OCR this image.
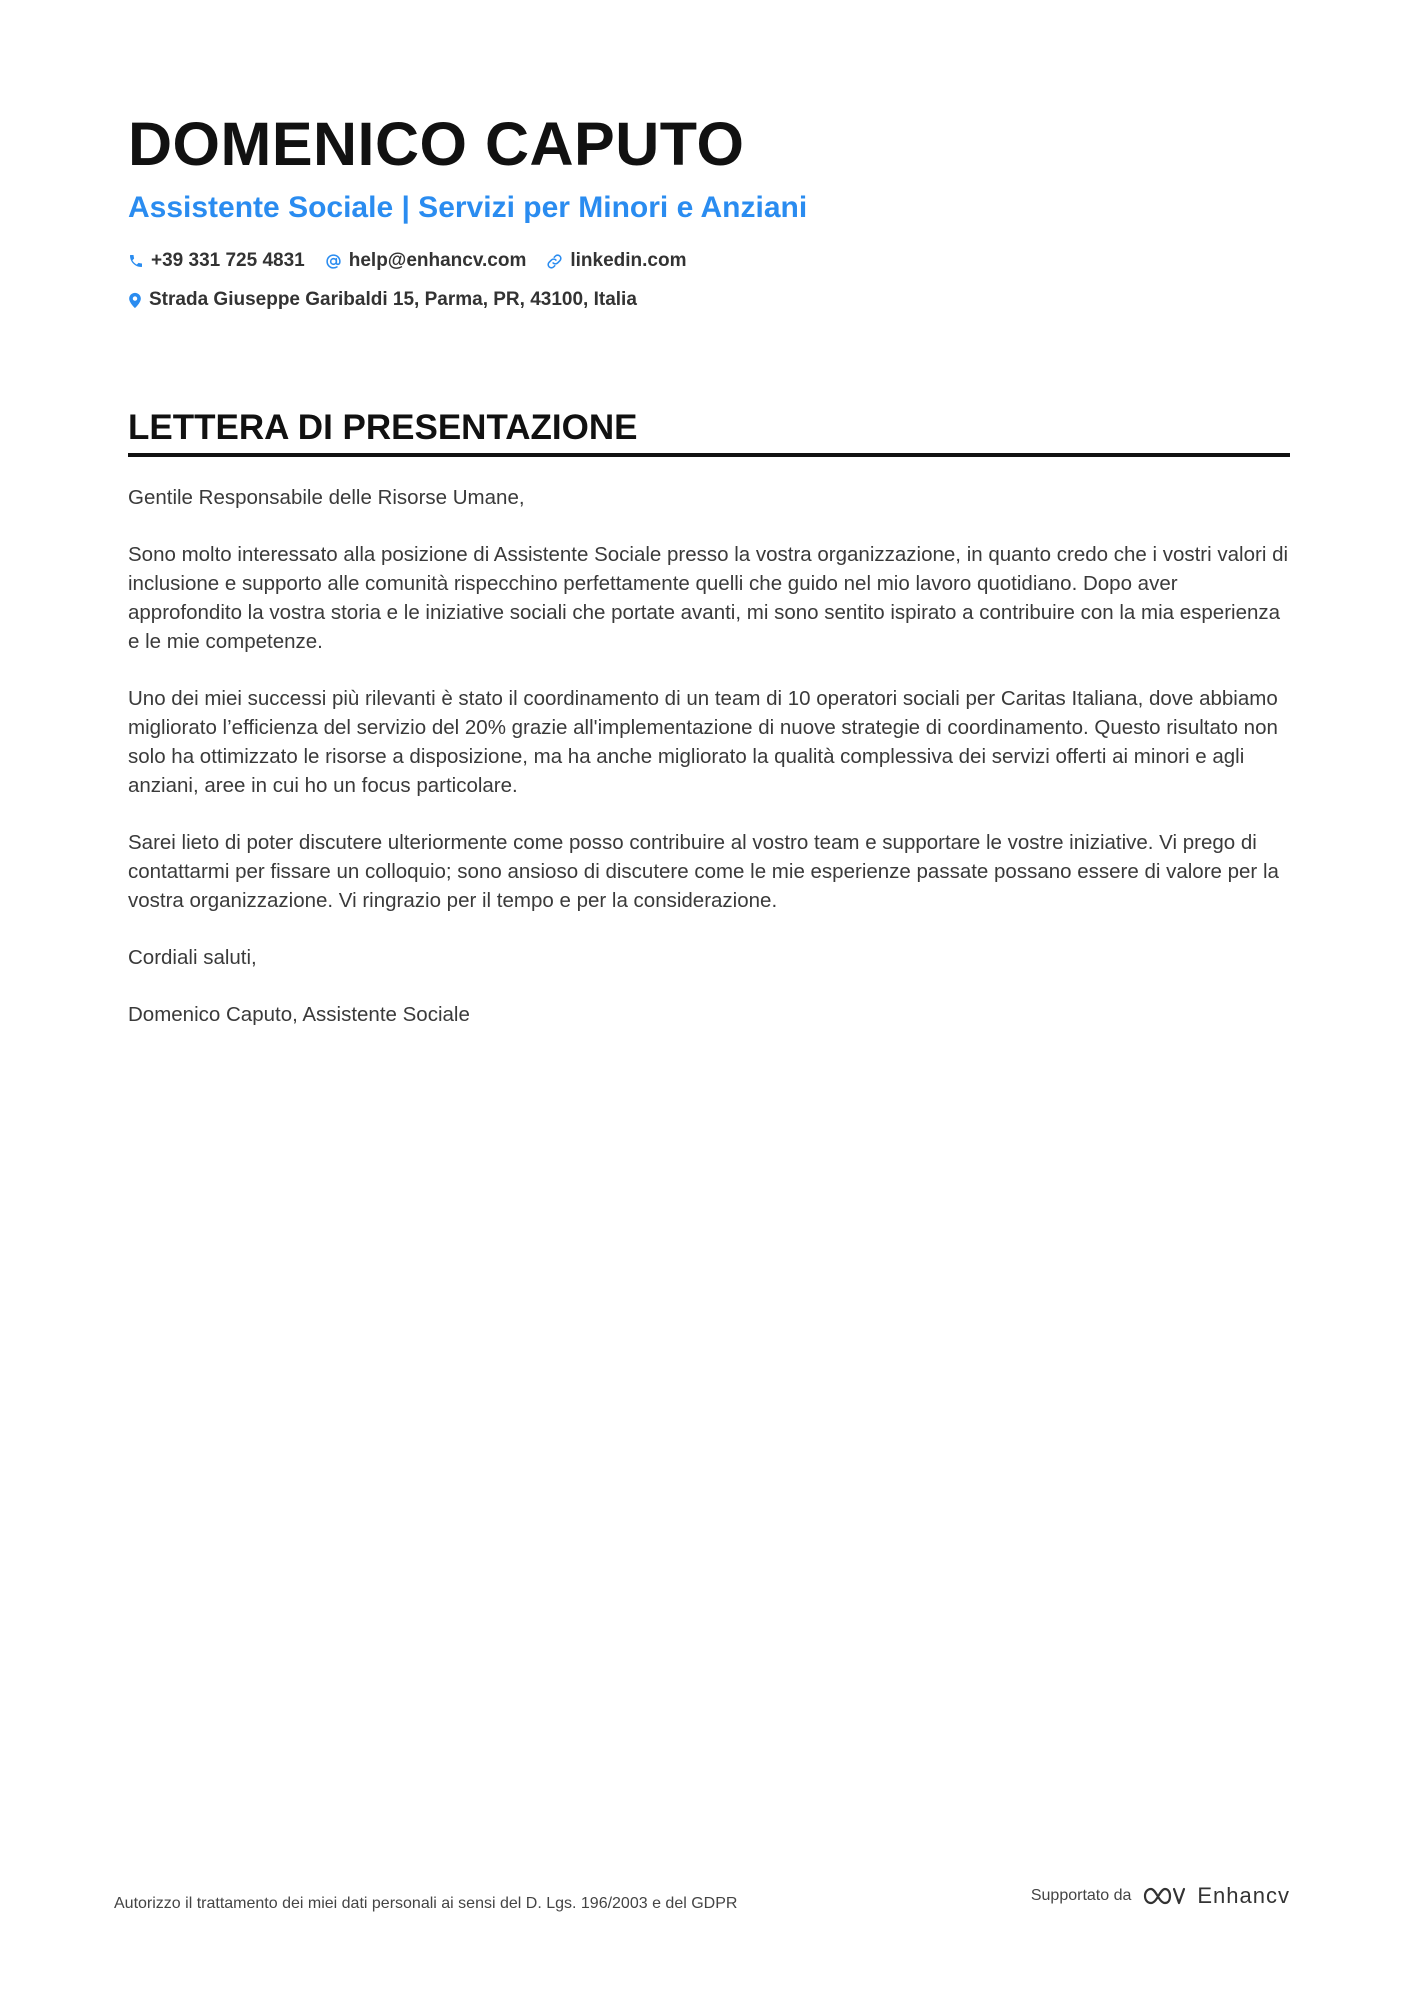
DOMENICO CAPUTO
Assistente Sociale | Servizi per Minori e Anziani
+39 331 725 4831 help@enhancv.com linkedin.com
Strada Giuseppe Garibaldi 15, Parma, PR, 43100, Italia
LETTERA DI PRESENTAZIONE

Gentile Responsabile delle Risorse Umane,

Sono molto interessato alla posizione di Assistente Sociale presso la vostra organizzazione, in quanto credo che i vostri valori di inclusione e supporto alle comunità rispecchino perfettamente quelli che guido nel mio lavoro quotidiano. Dopo aver approfondito la vostra storia e le iniziative sociali che portate avanti, mi sono sentito ispirato a contribuire con la mia esperienza e le mie competenze.

Uno dei miei successi più rilevanti è stato il coordinamento di un team di 10 operatori sociali per Caritas Italiana, dove abbiamo migliorato l’efficienza del servizio del 20% grazie all'implementazione di nuove strategie di coordinamento. Questo risultato non solo ha ottimizzato le risorse a disposizione, ma ha anche migliorato la qualità complessiva dei servizi offerti ai minori e agli anziani, aree in cui ho un focus particolare.

Sarei lieto di poter discutere ulteriormente come posso contribuire al vostro team e supportare le vostre iniziative. Vi prego di contattarmi per fissare un colloquio; sono ansioso di discutere come le mie esperienze passate possano essere di valore per la vostra organizzazione. Vi ringrazio per il tempo e per la considerazione.

Cordiali saluti,

Domenico Caputo, Assistente Sociale

Autorizzo il trattamento dei miei dati personali ai sensi del D. Lgs. 196/2003 e del GDPR	Supportato da	Enhancv
